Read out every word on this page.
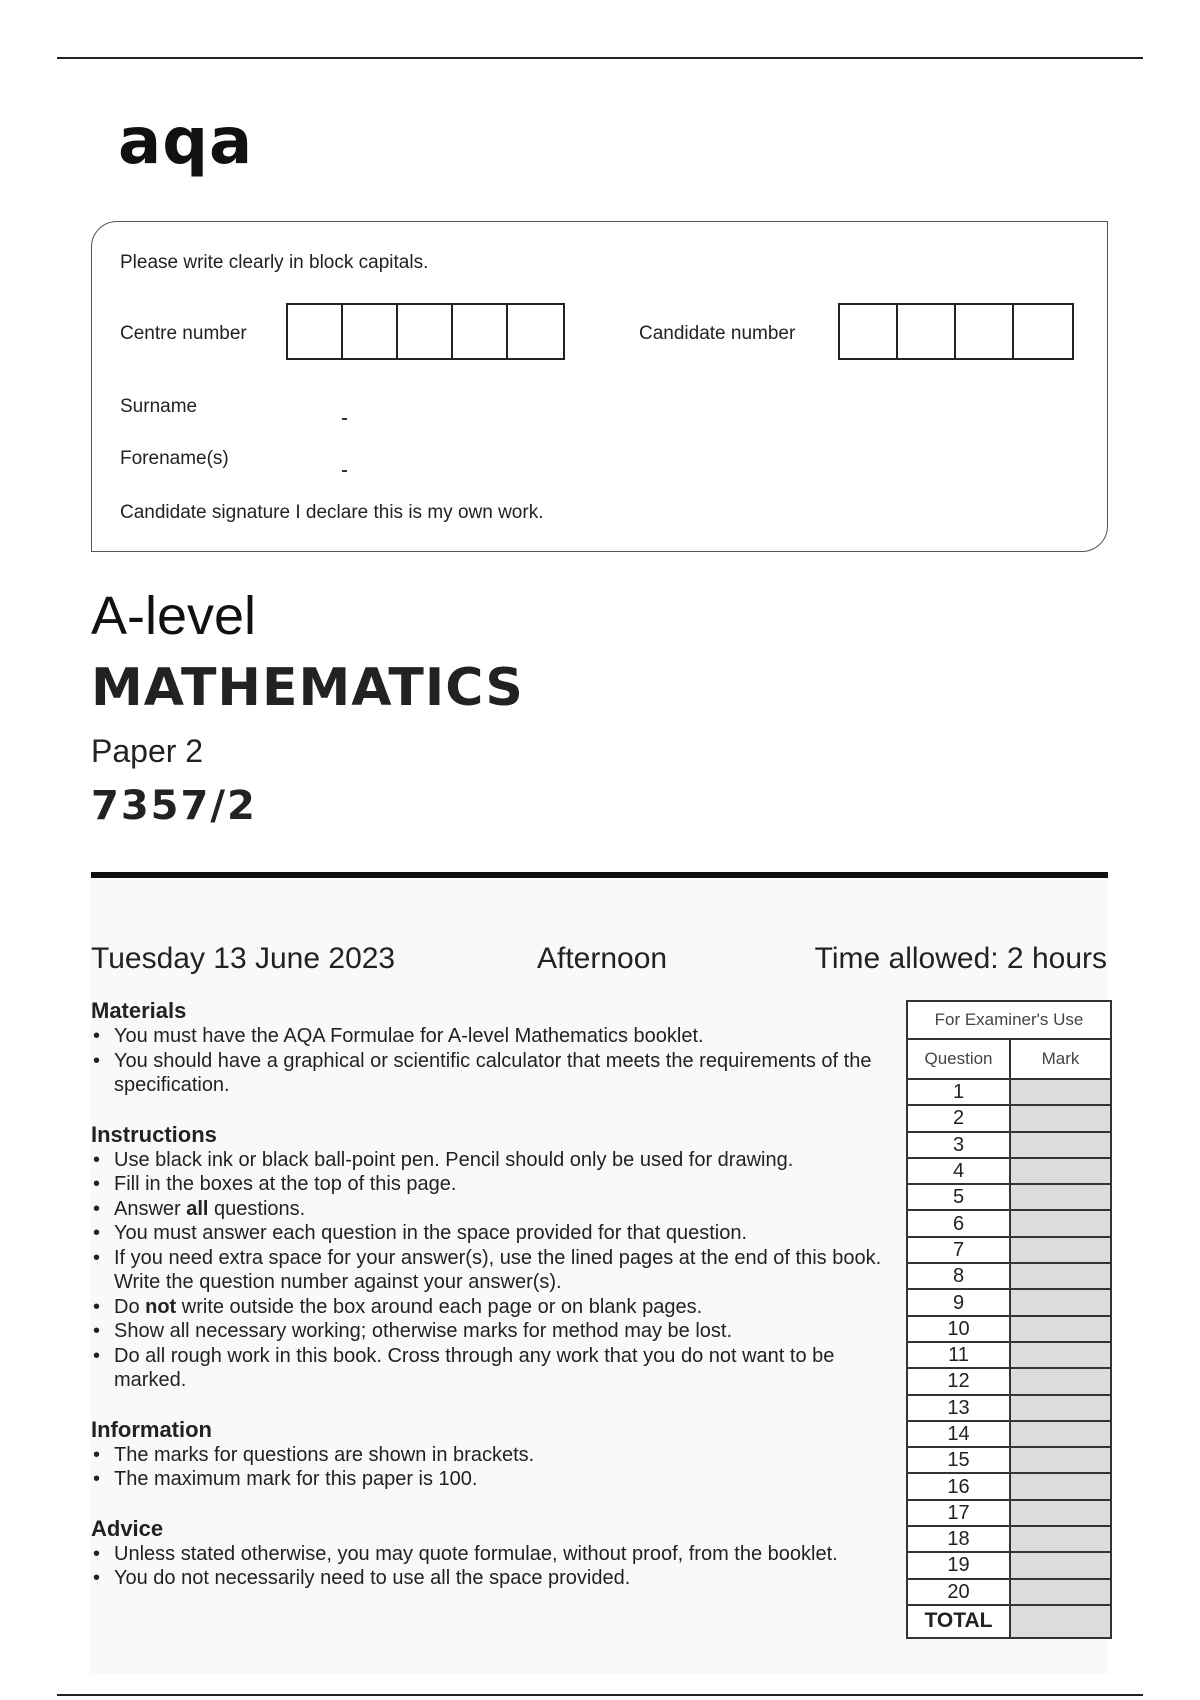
aqa
Please write clearly in block capitals.
Centre number	Candidate number
Surname
Forename(s)
Candidate signature I declare this is my own work.
A-level
MATHEMATICS
Paper 2
7357/2
Tuesday 13 June 2023	Afternoon	Time allowed: 2 hours
Materials
• You must have the AQA Formulae for A-level Mathematics booklet.
• You should have a graphical or scientific calculator that meets the requirements of the specification.
Instructions
• Use black ink or black ball-point pen. Pencil should only be used for drawing.
• Fill in the boxes at the top of this page.
• Answer all questions.
• You must answer each question in the space provided for that question.
• If you need extra space for your answer(s), use the lined pages at the end of this book. Write the question number against your answer(s).
• Do not write outside the box around each page or on blank pages.
• Show all necessary working; otherwise marks for method may be lost.
• Do all rough work in this book. Cross through any work that you do not want to be marked.
Information
• The marks for questions are shown in brackets.
• The maximum mark for this paper is 100.
Advice
• Unless stated otherwise, you may quote formulae, without proof, from the booklet.
• You do not necessarily need to use all the space provided.
For Examiner's Use	
Question	Mark
1	
2	
3	
4	
5	
6	
7	
8	
9	
10	
11	
12	
13	
14	
15	
16	
17	
18	
19	
20	
TOTAL	
